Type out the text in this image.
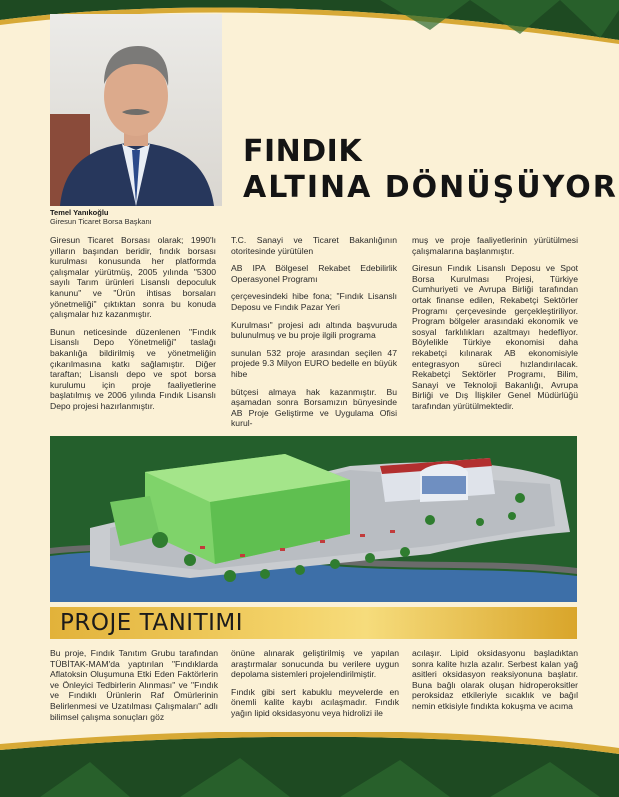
Temel Yanıkoğlu
Giresun Ticaret Borsa Başkanı
FINDIK
ALTINA DÖNÜŞÜYOR

Giresun Ticaret Borsası olarak; 1990'lı yılların başından beridir, fındık borsası kurulması konusunda her platformda çalışmalar yürütmüş, 2005 yılında "5300 sayılı Tarım ürünleri Lisanslı depoculuk kanunu" ve "Ürün ihtisas borsaları yönetmeliği" çıktıktan sonra bu konuda çalışmalar hız kazanmıştır.

Bunun neticesinde düzenlenen "Fındık Lisanslı Depo Yönetmeliği" taslağı bakanlığa bildirilmiş ve yönetmeliğin çıkarılmasına katkı sağlamıştır. Diğer taraftan; Lisanslı depo ve spot borsa kurulumu için proje faaliyetlerine başlatılmış ve 2006 yılında Fındık Lisanslı Depo projesi hazırlanmıştır.

T.C. Sanayi ve Ticaret Bakanlığının otoritesinde yürütülen

AB IPA Bölgesel Rekabet Edebilirlik Operasyonel Programı

çerçevesindeki hibe fona; "Fındık Lisanslı Deposu ve Fındık Pazar Yeri

Kurulması" projesi adı altında başvuruda bulunulmuş ve bu proje ilgili programa

sunulan 532 proje arasından seçilen 47 projede 9.3 Milyon EURO bedelle en büyük hibe

bütçesi almaya hak kazanmıştır. Bu aşamadan sonra Borsamızın bünyesinde AB Proje Geliştirme ve Uygulama Ofisi kurul-

muş ve proje faaliyetlerinin yürütülmesi çalışmalarına başlanmıştır.

Giresun Fındık Lisanslı Deposu ve Spot Borsa Kurulması Projesi, Türkiye Cumhuriyeti ve Avrupa Birliği tarafından ortak finanse edilen, Rekabetçi Sektörler Programı çerçevesinde gerçekleştiriliyor. Program bölgeler arasındaki ekonomik ve sosyal farklılıkları azaltmayı hedefliyor. Böylelikle Türkiye ekonomisi daha rekabetçi kılınarak AB ekonomisiyle entegrasyon süreci hızlandırılacak. Rekabetçi Sektörler Programı, Bilim, Sanayi ve Teknoloji Bakanlığı, Avrupa Birliği ve Dış İlişkiler Genel Müdürlüğü tarafından yürütülmektedir.

PROJE TANITIMI

Bu proje, Fındık Tanıtım Grubu tarafından TÜBİTAK-MAM'da yaptırılan "Fındıklarda Aflatoksin Oluşumuna Etki Eden Faktörlerin ve Önleyici Tedbirlerin Alınması" ve "Fındık ve Fındıklı Ürünlerin Raf Ömürlerinin Belirlenmesi ve Uzatılması Çalışmaları" adlı bilimsel çalışma sonuçları göz

önüne alınarak geliştirilmiş ve yapılan araştırmalar sonucunda bu verilere uygun depolama sistemleri projelendirilmiştir.

Fındık gibi sert kabuklu meyvelerde en önemli kalite kaybı acılaşmadır. Fındık yağın lipid oksidasyonu veya hidrolizi ile

acılaşır. Lipid oksidasyonu başladıktan sonra kalite hızla azalır. Serbest kalan yağ asitleri oksidasyon reaksiyonuna başlatır. Buna bağlı olarak oluşan hidroperoksitler peroksidaz etkileriyle sıcaklık ve bağıl nemin etkisiyle fındıkta kokuşma ve acıma
